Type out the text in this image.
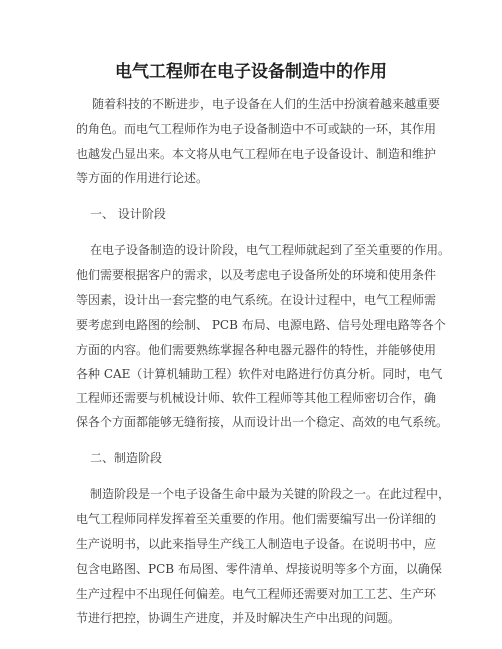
电气工程师在电子设备制造中的作用
随着科技的不断进步，电子设备在人们的生活中扮演着越来越重要
的角色。而电气工程师作为电子设备制造中不可或缺的一环，其作用
也越发凸显出来。本文将从电气工程师在电子设备设计、制造和维护
等方面的作用进行论述。
一、 设计阶段
在电子设备制造的设计阶段，电气工程师就起到了至关重要的作用。
他们需要根据客户的需求，以及考虑电子设备所处的环境和使用条件
等因素，设计出一套完整的电气系统。在设计过程中，电气工程师需
要考虑到电路图的绘制、 PCB 布局、电源电路、信号处理电路等各个
方面的内容。他们需要熟练掌握各种电器元器件的特性，并能够使用
各种 CAE（计算机辅助工程）软件对电路进行仿真分析。同时，电气
工程师还需要与机械设计师、软件工程师等其他工程师密切合作，确
保各个方面都能够无缝衔接，从而设计出一个稳定、高效的电气系统。
二、制造阶段
制造阶段是一个电子设备生命中最为关键的阶段之一。在此过程中，
电气工程师同样发挥着至关重要的作用。他们需要编写出一份详细的
生产说明书，以此来指导生产线工人制造电子设备。在说明书中，应
包含电路图、PCB 布局图、零件清单、焊接说明等多个方面，以确保
生产过程中不出现任何偏差。电气工程师还需要对加工工艺、生产环
节进行把控，协调生产进度，并及时解决生产中出现的问题。
